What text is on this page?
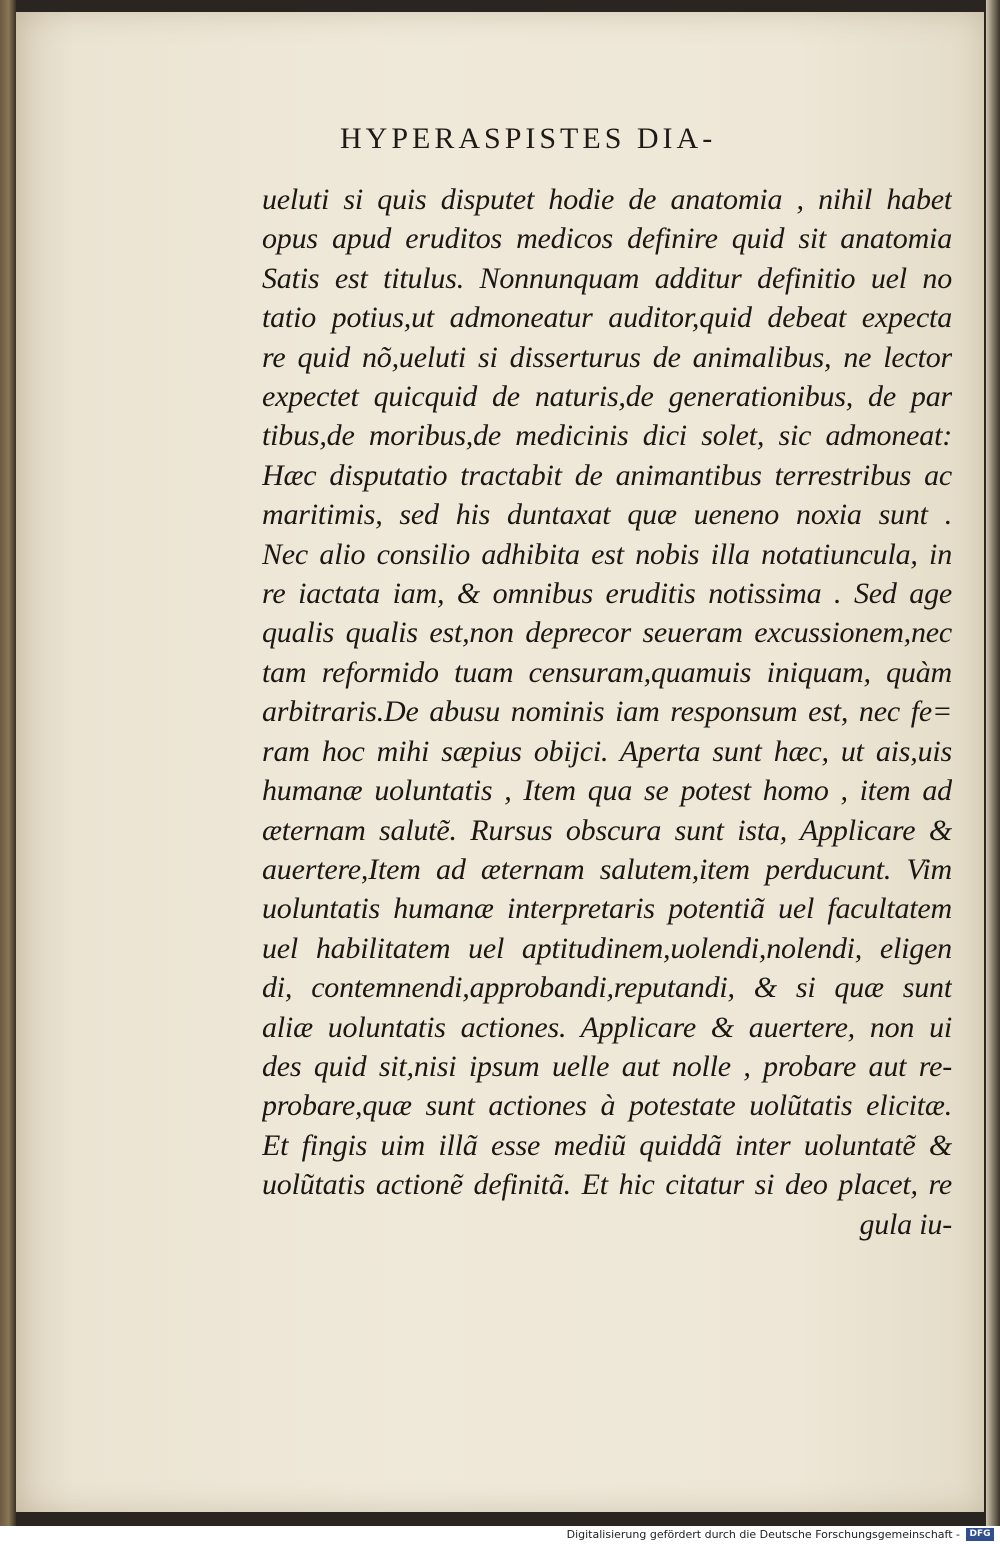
HYPERASPISTES DIA-
ueluti si quis disputet hodie de anatomia , nihil habet
opus apud eruditos medicos definire quid sit anatomia
Satis est titulus. Nonnunquam additur definitio uel no
tatio potius,ut admoneatur auditor,quid debeat expecta
re quid nõ,ueluti si disserturus de animalibus, ne lector
expectet quicquid de naturis,de generationibus, de par
tibus,de moribus,de medicinis dici solet, sic admoneat:
Hæc disputatio tractabit de animantibus terrestribus ac
maritimis, sed his duntaxat quæ ueneno noxia sunt .
Nec alio consilio adhibita est nobis illa notatiuncula, in
re iactata iam, & omnibus eruditis notissima . Sed age
qualis qualis est,non deprecor seueram excussionem,nec
tam reformido tuam censuram,quamuis iniquam, quàm
arbitraris.De abusu nominis iam responsum est, nec fe=
ram hoc mihi sæpius obijci. Aperta sunt hæc, ut ais,uis
humanæ uoluntatis , Item qua se potest homo , item ad
æternam salutẽ. Rursus obscura sunt ista, Applicare &
auertere,Item ad æternam salutem,item perducunt. Vim
uoluntatis humanæ interpretaris potentiã uel facultatem
uel habilitatem uel aptitudinem,uolendi,nolendi, eligen
di, contemnendi,approbandi,reputandi, & si quæ sunt
aliæ uoluntatis actiones. Applicare & auertere, non ui
des quid sit,nisi ipsum uelle aut nolle , probare aut re-
probare,quæ sunt actiones à potestate uolũtatis elicitæ.
Et fingis uim illã esse mediũ quiddã inter uoluntatẽ &
uolũtatis actionẽ definitã. Et hic citatur si deo placet, re
gula iu-
Digitalisierung gefördert durch die Deutsche Forschungsgemeinschaft -	DFG
